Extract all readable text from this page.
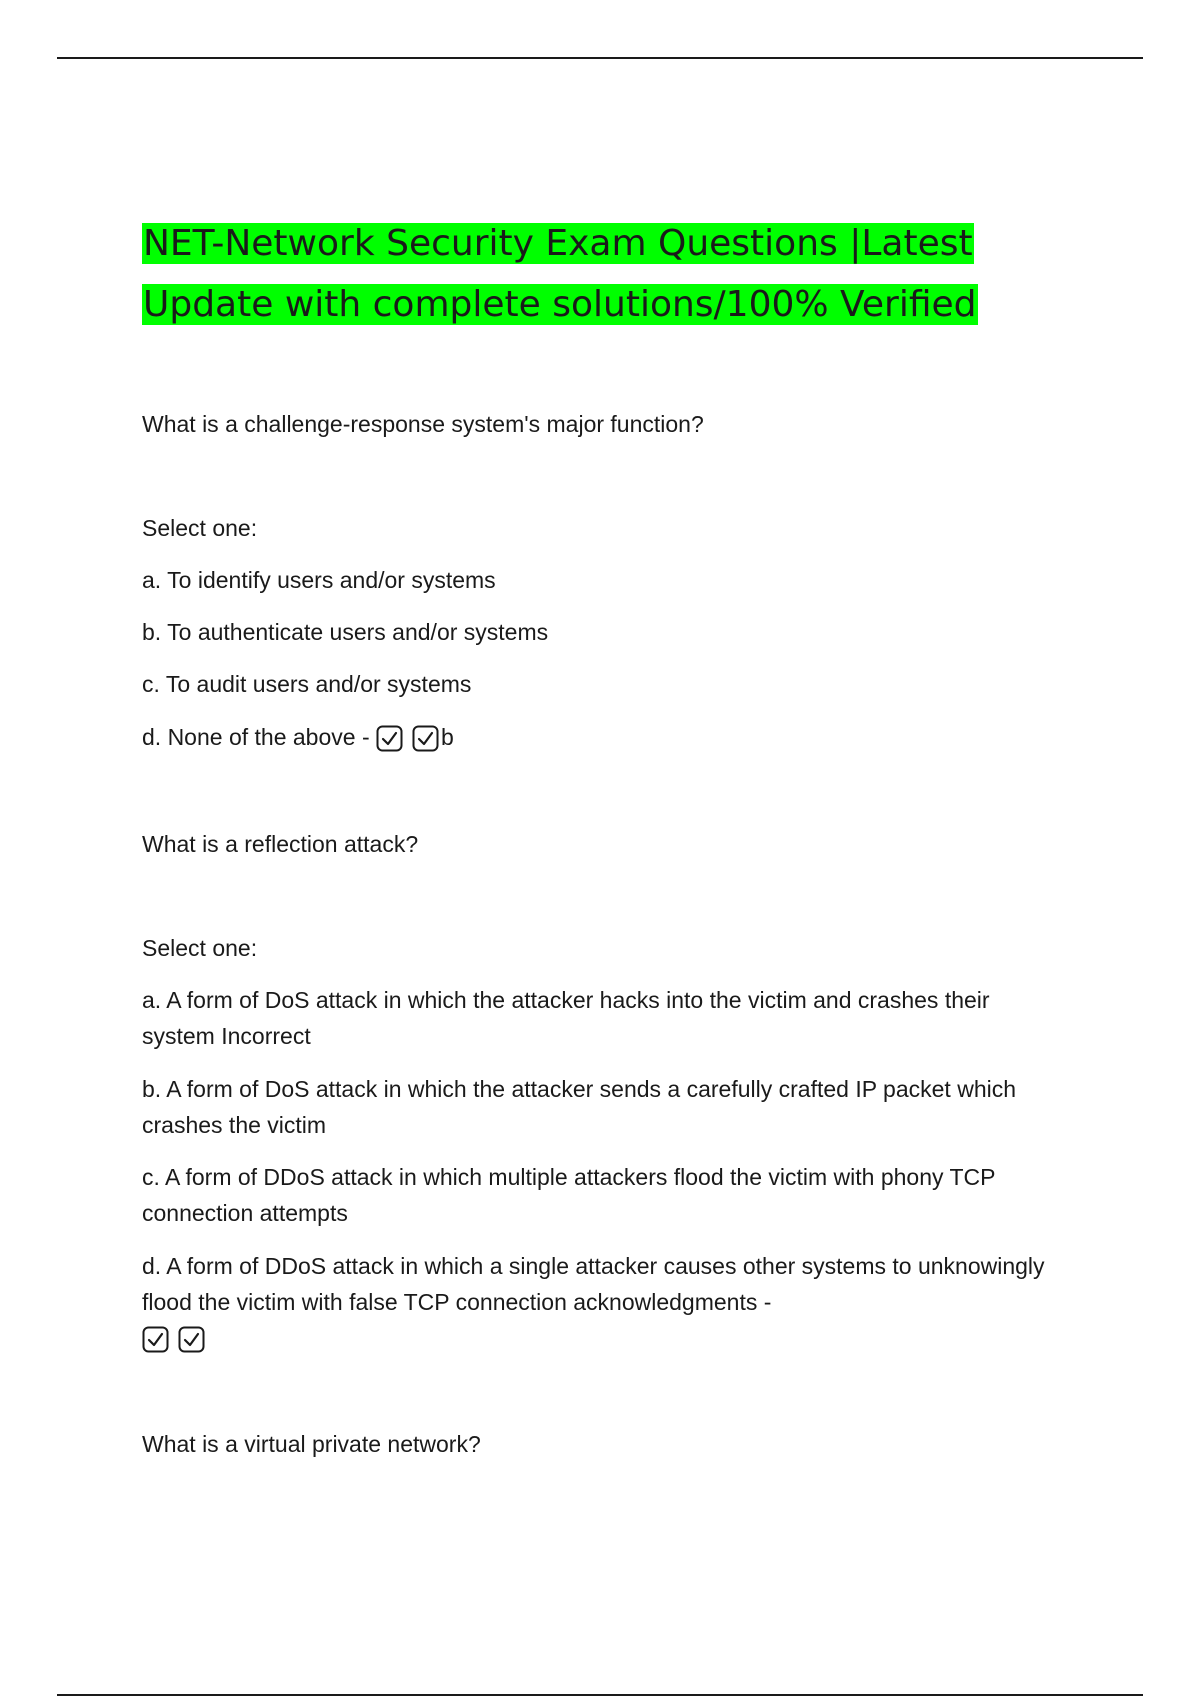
NET-Network Security Exam Questions |Latest
Update with complete solutions/100% Verified
What is a challenge-response system's major function?
Select one:
a. To identify users and/or systems
b. To authenticate users and/or systems
c. To audit users and/or systems
d. None of the above -	b
What is a reflection attack?
Select one:
a. A form of DoS attack in which the attacker hacks into the victim and crashes their system Incorrect
b. A form of DoS attack in which the attacker sends a carefully crafted IP packet which crashes the victim
c. A form of DDoS attack in which multiple attackers flood the victim with phony TCP connection attempts
d. A form of DDoS attack in which a single attacker causes other systems to unknowingly flood the victim with false TCP connection acknowledgments -
What is a virtual private network?
